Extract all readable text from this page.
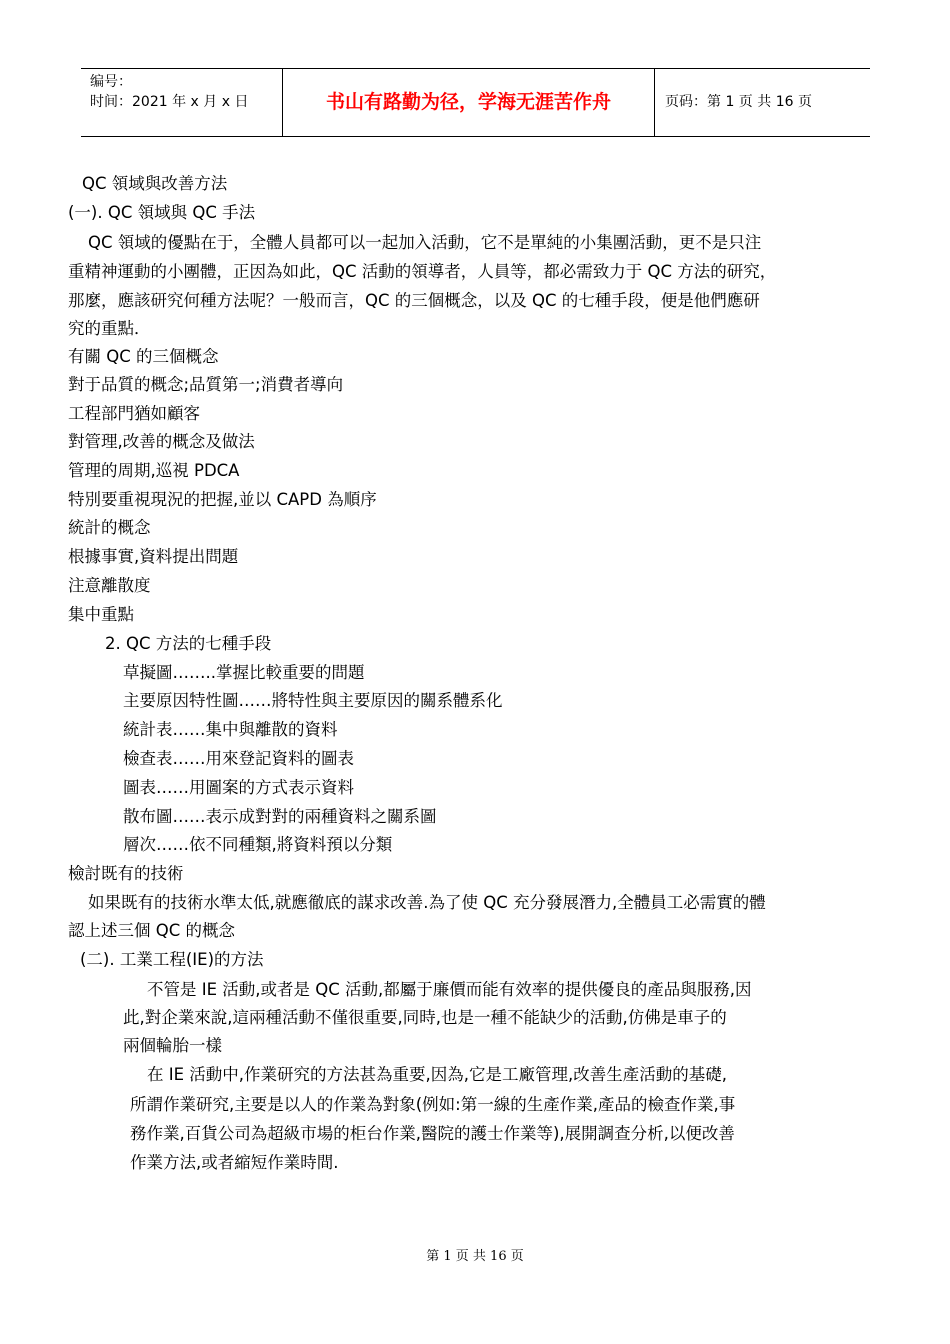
编号：
时间：2021 年 x 月 x 日	书山有路勤为径，学海无涯苦作舟	页码：第 1 页 共 16 页
QC 領域與改善方法
(一). QC 領域與 QC 手法
QC 領域的優點在于，全體人員都可以一起加入活動，它不是單純的小集團活動，更不是只注
重精神運動的小團體，正因為如此，QC 活動的領導者，人員等，都必需致力于 QC 方法的研究，
那麼，應該研究何種方法呢？一般而言，QC 的三個概念，以及 QC 的七種手段，便是他們應研
究的重點．
有關 QC 的三個概念
對于品質的概念;品質第一;消費者導向
工程部門猶如顧客
對管理,改善的概念及做法
管理的周期,巡視 PDCA
特別要重視現況的把握,並以 CAPD 為順序
統計的概念
根據事實,資料提出問題
注意離散度
集中重點
2. QC 方法的七種手段
草擬圖……..掌握比較重要的問題
主要原因特性圖……將特性與主要原因的關系體系化
統計表……集中與離散的資料
檢查表……用來登記資料的圖表
圖表……用圖案的方式表示資料
散布圖……表示成對對的兩種資料之關系圖
層次……依不同種類,將資料預以分類
檢討既有的技術
如果既有的技術水準太低,就應徹底的謀求改善.為了使 QC 充分發展潛力,全體員工必需實的體
認上述三個 QC 的概念
(二). 工業工程(IE)的方法
不管是 IE 活動,或者是 QC 活動,都屬于廉價而能有效率的提供優良的產品與服務,因
此,對企業來說,這兩種活動不僅很重要,同時,也是一種不能缺少的活動,仿佛是車子的
兩個輪胎一樣
在 IE 活動中,作業研究的方法甚為重要,因為,它是工廠管理,改善生產活動的基礎,
所謂作業研究,主要是以人的作業為對象(例如:第一線的生產作業,產品的檢查作業,事
務作業,百貨公司為超級市場的柜台作業,醫院的護士作業等),展開調查分析,以便改善
作業方法,或者縮短作業時間.
第 1 页 共 16 页
